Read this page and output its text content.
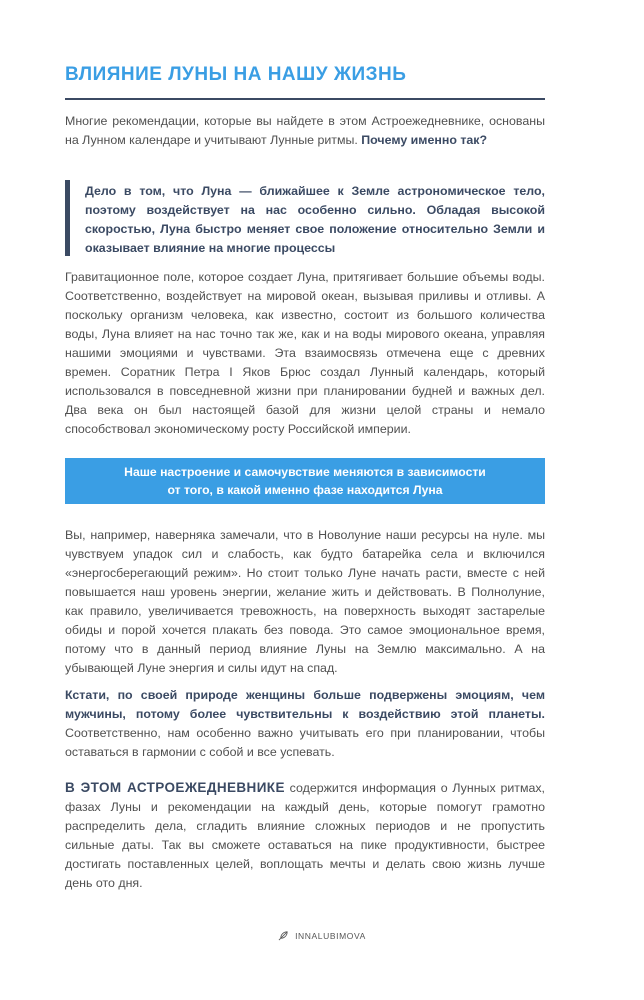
ВЛИЯНИЕ ЛУНЫ НА НАШУ ЖИЗНЬ

Многие рекомендации, которые вы найдете в этом Астроежедневнике, основаны на Лунном календаре и учитывают Лунные ритмы. Почему именно так?

Дело в том, что Луна — ближайшее к Земле астрономическое тело, поэтому воздействует на нас особенно сильно. Обладая высокой скоростью, Луна быстро меняет свое положение относительно Земли и оказывает влияние на многие процессы

Гравитационное поле, которое создает Луна, притягивает большие объемы воды. Соответственно, воздействует на мировой океан, вызывая приливы и отливы. А поскольку организм человека, как известно, состоит из большого количества воды, Луна влияет на нас точно так же, как и на воды мирового океана, управляя нашими эмоциями и чувствами. Эта взаимосвязь отмечена еще с древних времен. Соратник Петра I Яков Брюс создал Лунный календарь, который использовался в повседневной жизни при планировании будней и важных дел. Два века он был настоящей базой для жизни целой страны и немало способствовал экономическому росту Российской империи.

Наше настроение и самочувствие меняются в зависимости
от того, в какой именно фазе находится Луна

Вы, например, наверняка замечали, что в Новолуние наши ресурсы на нуле. мы чувствуем упадок сил и слабость, как будто батарейка села и включился «энергосберегающий режим». Но стоит только Луне начать расти, вместе с ней повышается наш уровень энергии, желание жить и действовать. В Полнолуние, как правило, увеличивается тревожность, на поверхность выходят застарелые обиды и порой хочется плакать без повода. Это самое эмоциональное время, потому что в данный период влияние Луны на Землю максимально. А на убывающей Луне энергия и силы идут на спад.

Кстати, по своей природе женщины больше подвержены эмоциям, чем мужчины, потому более чувствительны к воздействию этой планеты. Соответственно, нам особенно важно учитывать его при планировании, чтобы оставаться в гармонии с собой и все успевать.

В ЭТОМ АСТРОЕЖЕДНЕВНИКЕ содержится информация о Лунных ритмах, фазах Луны и рекомендации на каждый день, которые помогут грамотно распределить дела, сгладить влияние сложных периодов и не пропустить сильные даты. Так вы сможете оставаться на пике продуктивности, быстрее достигать поставленных целей, воплощать мечты и делать свою жизнь лучше день ото дня.

INNALUBIMOVA
